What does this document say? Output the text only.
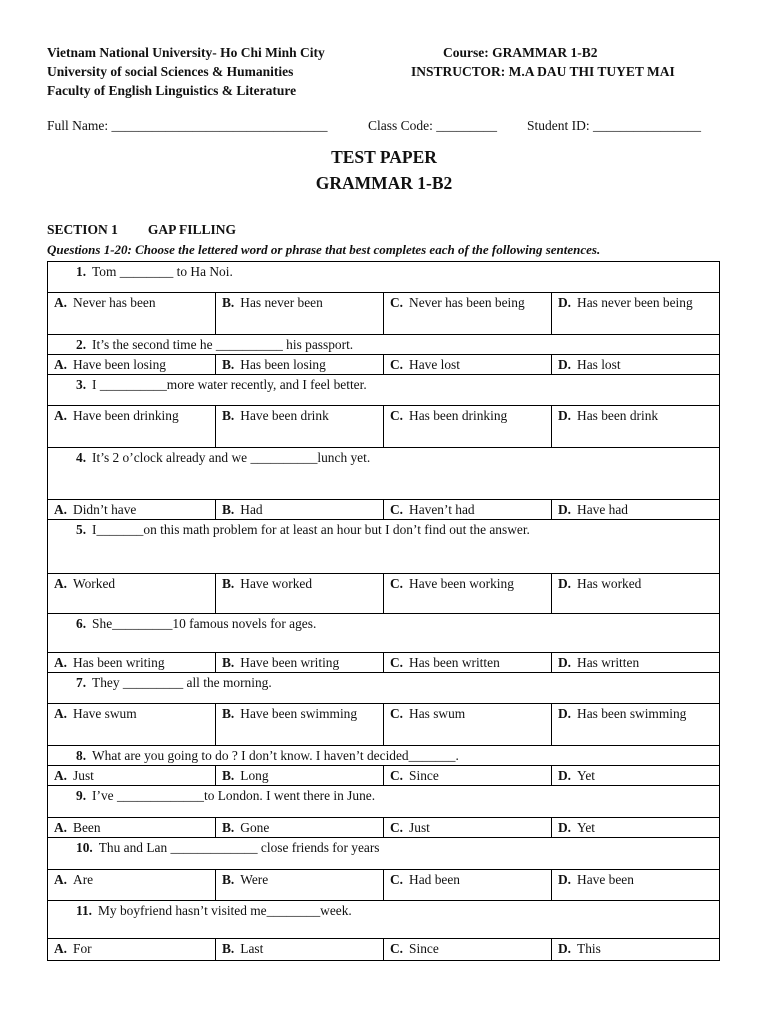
Vietnam National University- Ho Chi Minh City
University of social Sciences & Humanities
Faculty of English Linguistics & Literature
Course: GRAMMAR 1-B2
INSTRUCTOR: M.A DAU THI TUYET MAI
Full Name: ________________________________	Class Code: _________ Student ID: ________________
TEST PAPER
GRAMMAR 1-B2
SECTION 1 GAP FILLING
Questions 1-20: Choose the lettered word or phrase that best completes each of the following sentences.
1. Tom ________ to Ha Noi.			
A. Never has been	B. Has never been	C. Never has been being	D. Has never been being
2. It’s the second time he __________ his passport.			
A. Have been losing	B. Has been losing	C. Have lost	D. Has lost
3. I __________more water recently, and I feel better.			
A. Have been drinking	B. Have been drink	C. Has been drinking	D. Has been drink
4. It’s 2 o’clock already and we __________lunch yet.			
A. Didn’t have	B. Had	C. Haven’t had	D. Have had
5. I_______on this math problem for at least an hour but I don’t find out the answer.			
A. Worked	B. Have worked	C. Have been working	D. Has worked
6. She_________10 famous novels for ages.			
A. Has been writing	B. Have been writing	C. Has been written	D. Has written
7. They _________ all the morning.			
A. Have swum	B. Have been swimming	C. Has swum	D. Has been swimming
8. What are you going to do ? I don’t know. I haven’t decided_______.			
A. Just	B. Long	C. Since	D. Yet
9. I’ve _____________to London. I went there in June.			
A. Been	B. Gone	C. Just	D. Yet
10. Thu and Lan _____________ close friends for years			
A. Are	B. Were	C. Had been	D. Have been
11. My boyfriend hasn’t visited me________week.			
A. For	B. Last	C. Since	D. This
